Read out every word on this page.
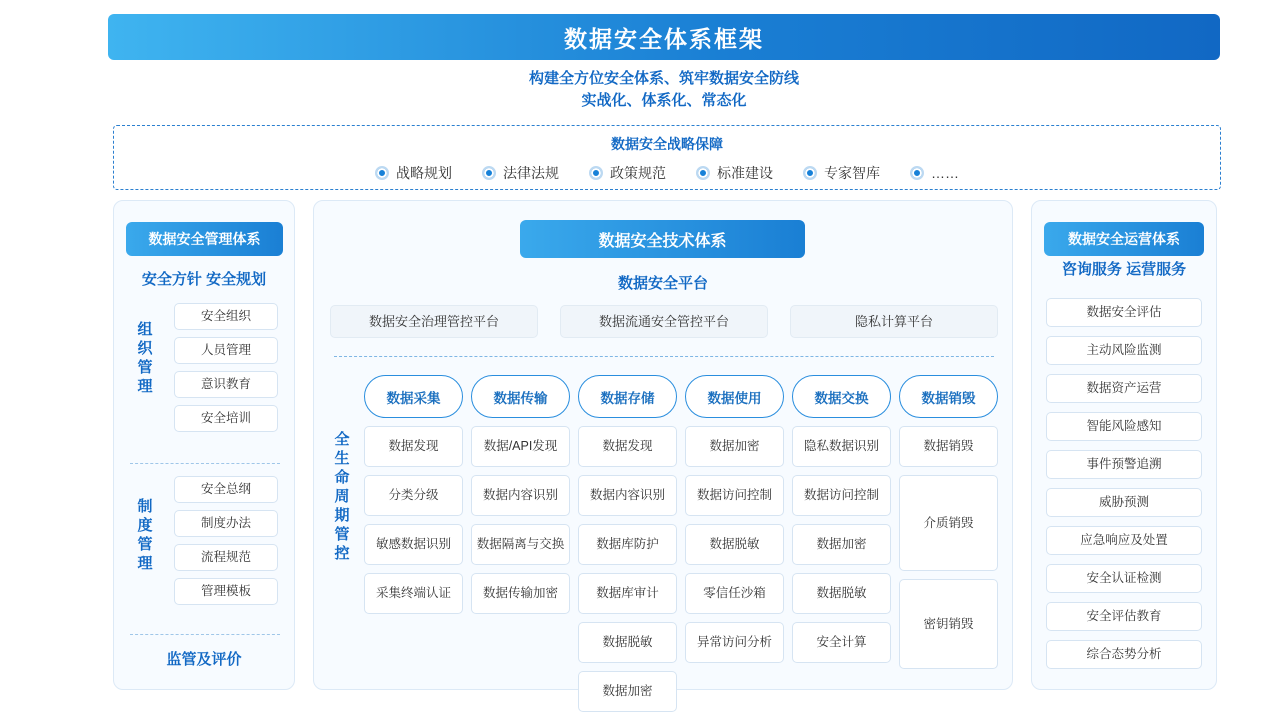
数据安全体系框架
构建全方位安全体系、筑牢数据安全防线
实战化、体系化、常态化
数据安全战略保障
战略规划	法律法规	政策规范	标准建设	专家智库	……
数据安全管理体系
安全方针 安全规划
组织管理
安全组织
人员管理
意识教育
安全培训
制度管理
安全总纲
制度办法
流程规范
管理模板
监管及评价
数据安全技术体系
数据安全平台
数据安全治理管控平台	数据流通安全管控平台	隐私计算平台
全
生
命
周
期
管
控
数据采集
数据发现
分类分级
敏感数据识别
采集终端认证
数据传输
数据/API发现
数据内容识别
数据隔离与交换
数据传输加密
数据存储
数据发现
数据内容识别
数据库防护
数据库审计
数据脱敏
数据加密
数据使用
数据加密
数据访问控制
数据脱敏
零信任沙箱
异常访问分析
数据交换
隐私数据识别
数据访问控制
数据加密
数据脱敏
安全计算
数据销毁
数据销毁
介质销毁
密钥销毁
数据安全运营体系
咨询服务 运营服务
数据安全评估
主动风险监测
数据资产运营
智能风险感知
事件预警追溯
威胁预测
应急响应及处置
安全认证检测
安全评估教育
综合态势分析
